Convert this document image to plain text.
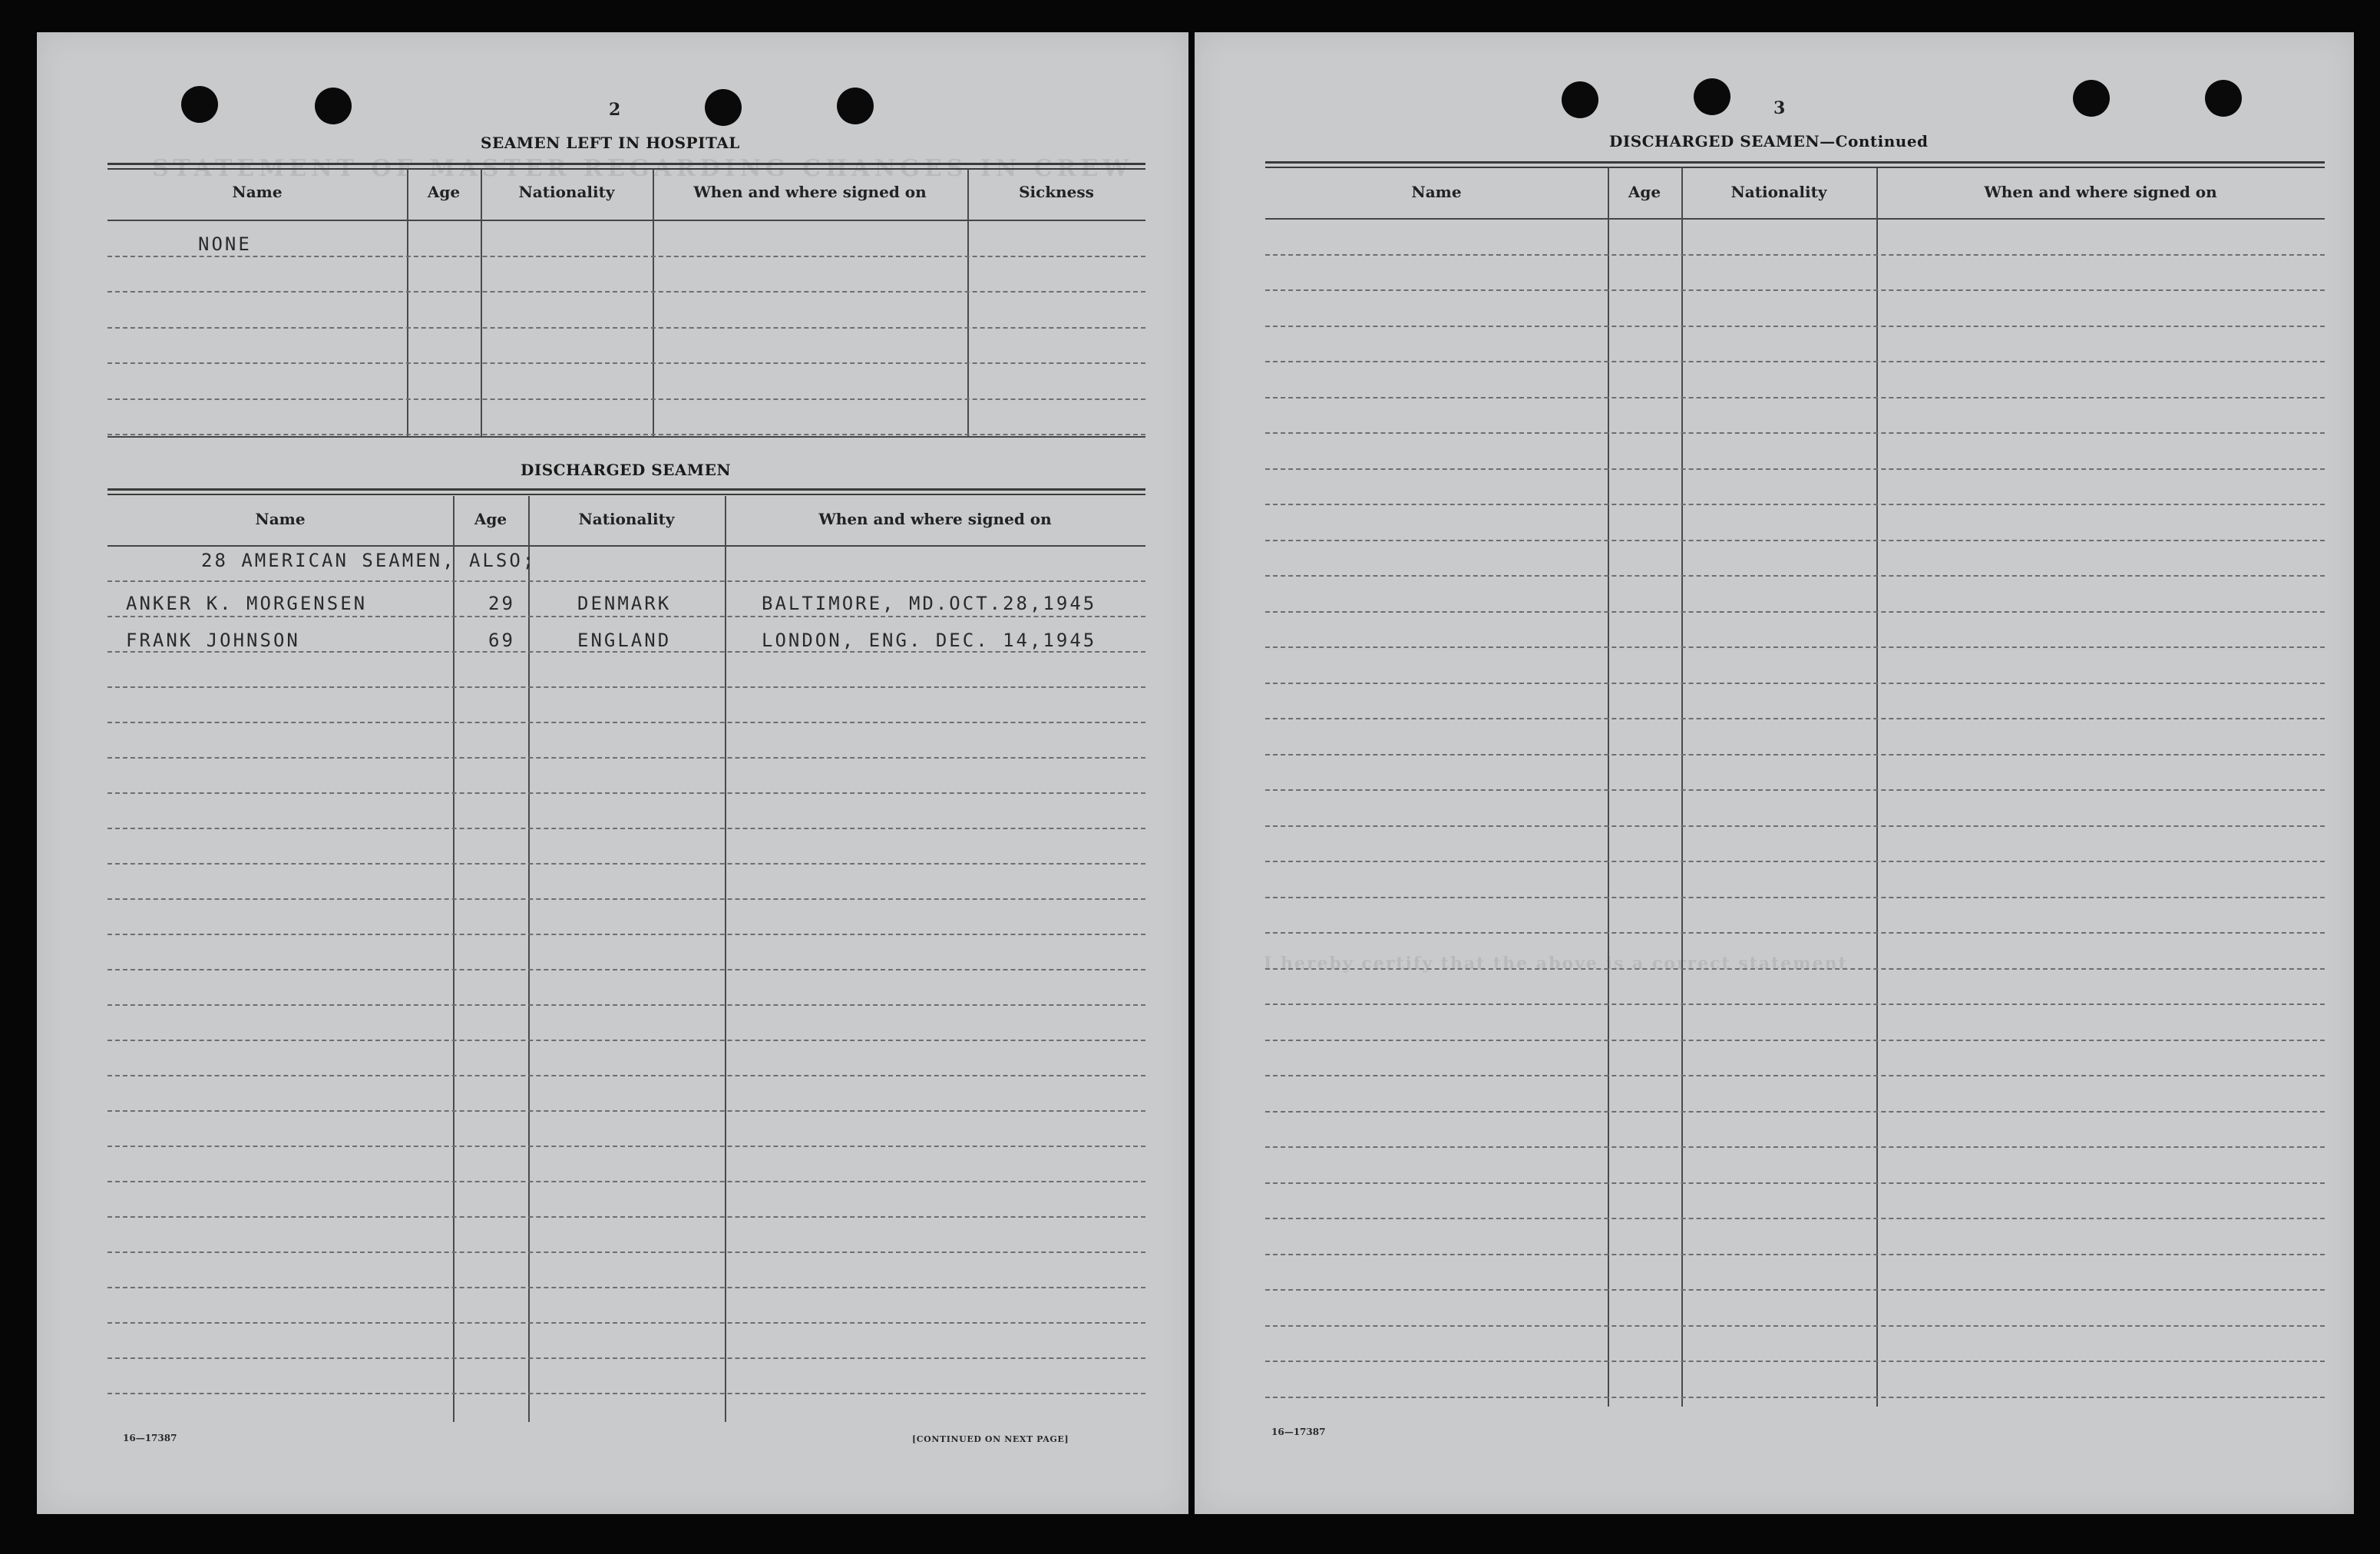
STATEMENT OF MASTER REGARDING CHANGES IN CREW
2
SEAMEN LEFT IN HOSPITAL
Name	Age	Nationality	When and where signed on	Sickness
NONE
DISCHARGED SEAMEN
Name	Age	Nationality	When and where signed on
28 AMERICAN SEAMEN, ALSO;
ANKER K. MORGENSEN	29	DENMARK	BALTIMORE, MD.OCT.28,1945
FRANK JOHNSON	69	ENGLAND	LONDON, ENG. DEC. 14,1945
16—17387	[CONTINUED ON NEXT PAGE]
I hereby certify that the above is a correct statement
3
DISCHARGED SEAMEN—Continued
Name	Age	Nationality	When and where signed on
16—17387
